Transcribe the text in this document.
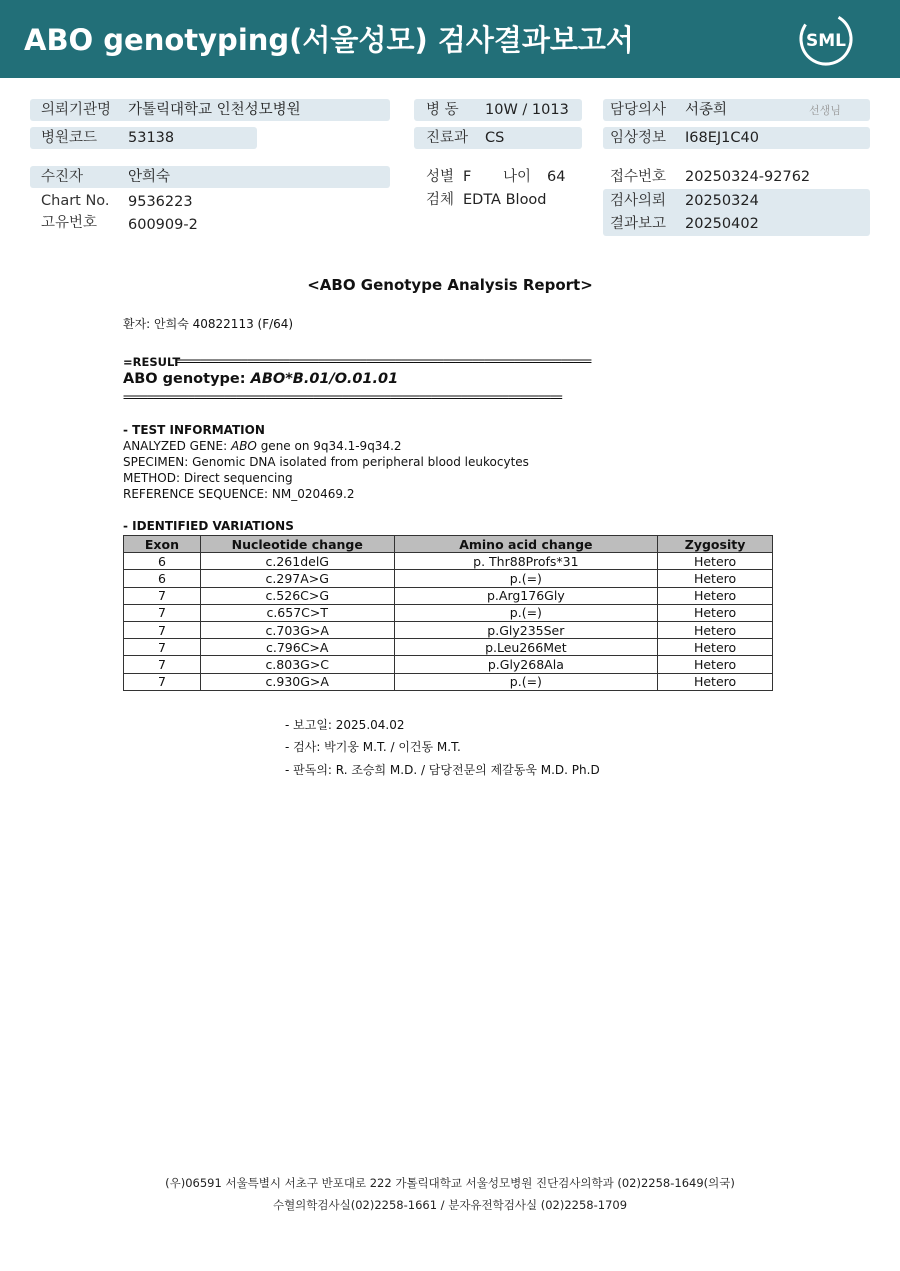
ABO genotyping(서울성모) 검사결과보고서	SML
의뢰기관명 가톨릭대학교 인천성모병원
병원코드 53138
수진자	안희숙
Chart No. 9536223
고유번호 600909-2
병 동 10W / 1013
진료과 CS
성별 F 나이 64
검체 EDTA Blood
담당의사 서종희	선생님
임상정보 I68EJ1C40
접수번호 20250324-92762
검사의뢰 20250324
결과보고 20250402
<ABO Genotype Analysis Report>
환자: 안희숙 40822113 (F/64)
=RESULT
======================================================================
ABO genotype: ABO*B.01/O.01.01
==========================================================================
- TEST INFORMATION
ANALYZED GENE: ABO gene on 9q34.1-9q34.2
SPECIMEN: Genomic DNA isolated from peripheral blood leukocytes
METHOD: Direct sequencing
REFERENCE SEQUENCE: NM_020469.2
- IDENTIFIED VARIATIONS
Exon	Nucleotide change	Amino acid change	Zygosity
6	c.261delG	p. Thr88Profs*31	Hetero
6	c.297A>G	p.(=)	Hetero
7	c.526C>G	p.Arg176Gly	Hetero
7	c.657C>T	p.(=)	Hetero
7	c.703G>A	p.Gly235Ser	Hetero
7	c.796C>A	p.Leu266Met	Hetero
7	c.803G>C	p.Gly268Ala	Hetero
7	c.930G>A	p.(=)	Hetero
- 보고일: 2025.04.02
- 검사: 박기웅 M.T. / 이건동 M.T.
- 판독의: R. 조승희 M.D. / 담당전문의 제갈동욱 M.D. Ph.D
(우)06591 서울특별시 서초구 반포대로 222 가톨릭대학교 서울성모병원 진단검사의학과 (02)2258-1649(의국)
수혈의학검사실(02)2258-1661 / 분자유전학검사실 (02)2258-1709
